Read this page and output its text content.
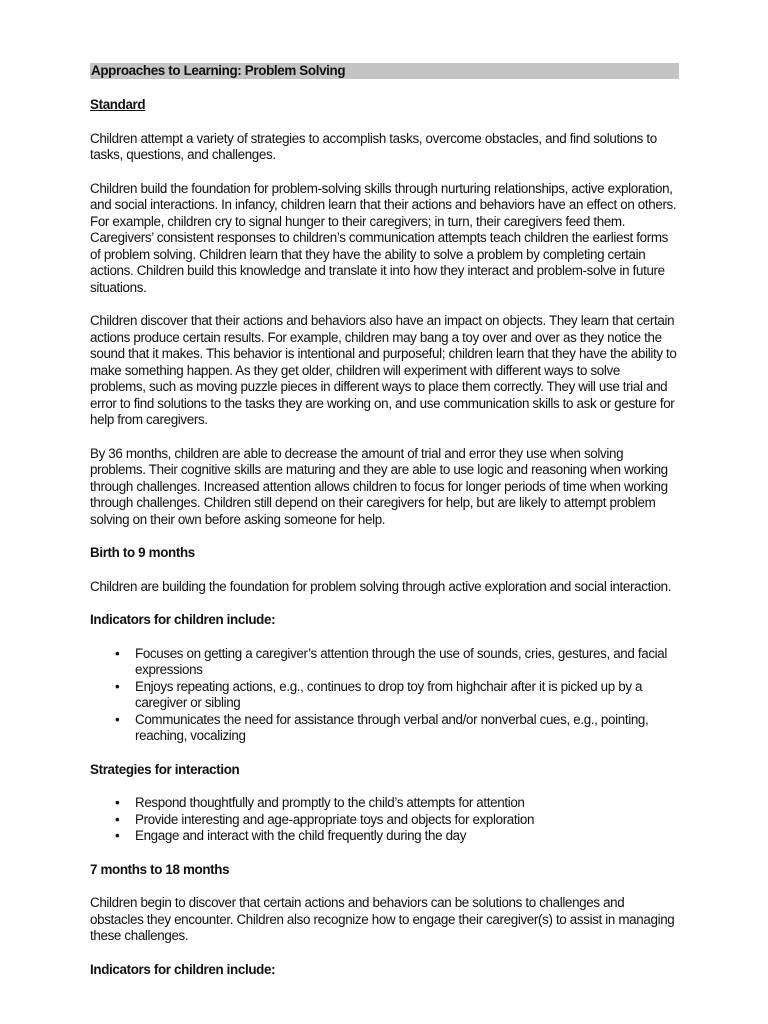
Approaches to Learning: Problem Solving
Standard

Children attempt a variety of strategies to accomplish tasks, overcome obstacles, and find solutions to tasks, questions, and challenges.

Children build the foundation for problem-solving skills through nurturing relationships, active exploration, and social interactions. In infancy, children learn that their actions and behaviors have an effect on others. For example, children cry to signal hunger to their caregivers; in turn, their caregivers feed them. Caregivers’ consistent responses to children’s communication attempts teach children the earliest forms of problem solving. Children learn that they have the ability to solve a problem by completing certain actions. Children build this knowledge and translate it into how they interact and problem-solve in future situations.

Children discover that their actions and behaviors also have an impact on objects. They learn that certain actions produce certain results. For example, children may bang a toy over and over as they notice the sound that it makes. This behavior is intentional and purposeful; children learn that they have the ability to make something happen. As they get older, children will experiment with different ways to solve problems, such as moving puzzle pieces in different ways to place them correctly. They will use trial and error to find solutions to the tasks they are working on, and use communication skills to ask or gesture for help from caregivers.

By 36 months, children are able to decrease the amount of trial and error they use when solving problems. Their cognitive skills are maturing and they are able to use logic and reasoning when working through challenges. Increased attention allows children to focus for longer periods of time when working through challenges. Children still depend on their caregivers for help, but are likely to attempt problem solving on their own before asking someone for help.

Birth to 9 months

Children are building the foundation for problem solving through active exploration and social interaction.

Indicators for children include:
• Focuses on getting a caregiver’s attention through the use of sounds, cries, gestures, and facial expressions
• Enjoys repeating actions, e.g., continues to drop toy from highchair after it is picked up by a caregiver or sibling
• Communicates the need for assistance through verbal and/or nonverbal cues, e.g., pointing, reaching, vocalizing
Strategies for interaction
• Respond thoughtfully and promptly to the child’s attempts for attention
• Provide interesting and age-appropriate toys and objects for exploration
• Engage and interact with the child frequently during the day
7 months to 18 months

Children begin to discover that certain actions and behaviors can be solutions to challenges and obstacles they encounter. Children also recognize how to engage their caregiver(s) to assist in managing these challenges.

Indicators for children include:
